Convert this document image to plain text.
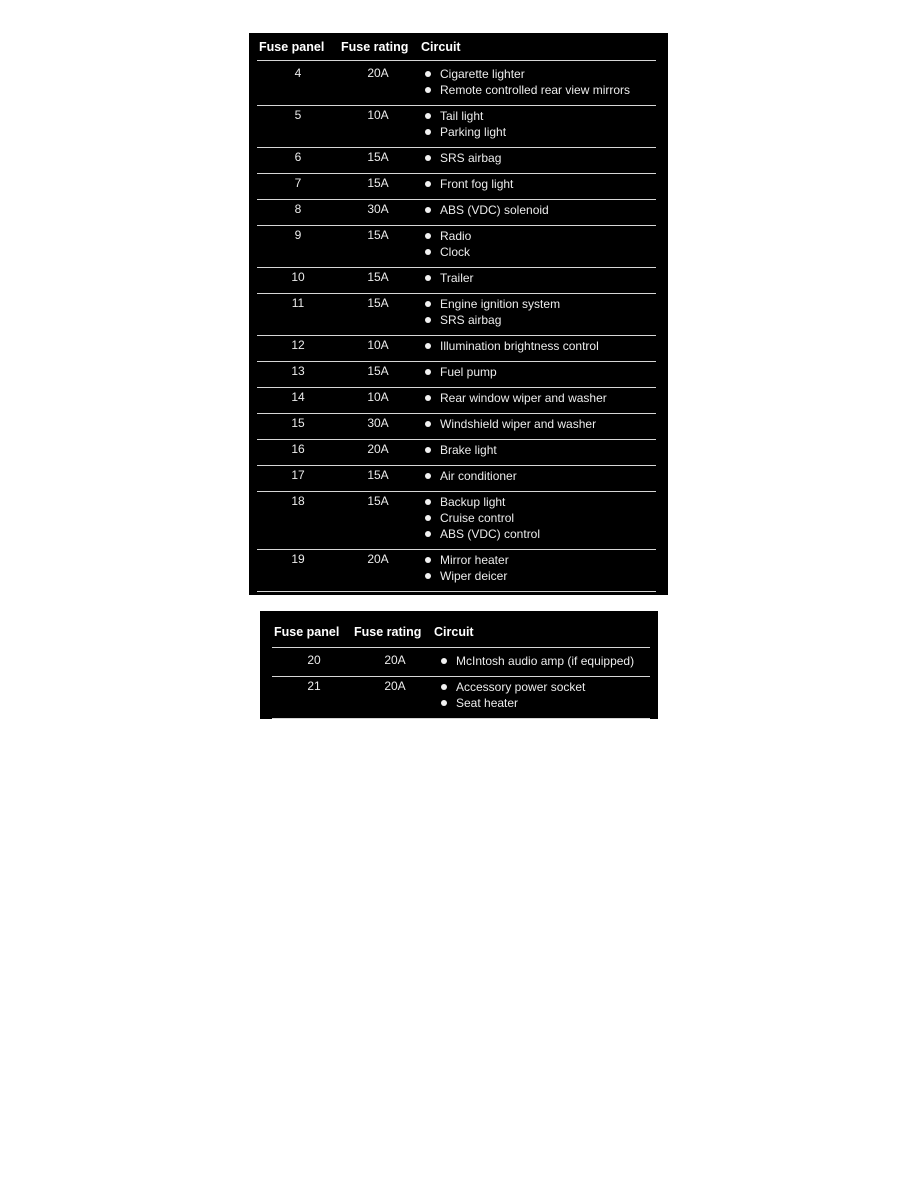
Fuse panel	Fuse rating	Circuit
4	20A	Cigarette lighter
Remote controlled rear view mirrors
5	10A	Tail light
Parking light
6	15A	SRS airbag
7	15A	Front fog light
8	30A	ABS (VDC) solenoid
9	15A	Radio
Clock
10	15A	Trailer
11	15A	Engine ignition system
SRS airbag
12	10A	Illumination brightness control
13	15A	Fuel pump
14	10A	Rear window wiper and washer
15	30A	Windshield wiper and washer
16	20A	Brake light
17	15A	Air conditioner
18	15A	Backup light
Cruise control
ABS (VDC) control
19	20A	Mirror heater
Wiper deicer
Fuse panel	Fuse rating	Circuit
20	20A	McIntosh audio amp (if equipped)
21	20A	Accessory power socket
Seat heater
